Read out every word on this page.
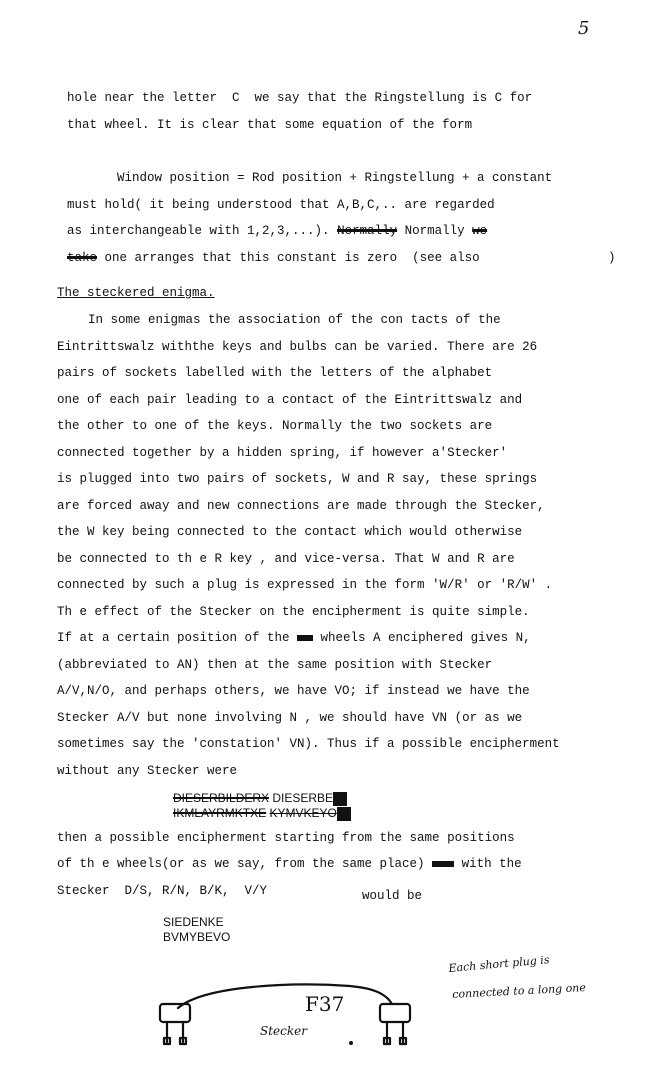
5
hole near the letter  C  we say that the Ringstellung is C for
that wheel. It is clear that some equation of the form
Window position = Rod position + Ringstellung + a constant
must hold( it being understood that A,B,C,.. are regarded
as interchangeable with 1,2,3,...). Normally Normally we
take one arranges that this constant is zero  (see also	)
The steckered enigma.
In some enigmas the association of the con tacts of the
Eintrittswalz withthe keys and bulbs can be varied. There are 26
pairs of sockets labelled with the letters of the alphabet
one of each pair leading to a contact of the Eintrittswalz and
the other to one of the keys. Normally the two sockets are
connected together by a hidden spring, if however a'Stecker'
is plugged into two pairs of sockets, W and R say, these springs
are forced away and new connections are made through the Stecker,
the W key being connected to the contact which would otherwise
be connected to th e R key , and vice-versa. That W and R are
connected by such a plug is expressed in the form 'W/R' or 'R/W' .
Th e effect of the Stecker on the encipherment is quite simple.
If at a certain position of the  wheels A enciphered gives N,
(abbreviated to AN) then at the same position with Stecker
A/V,N/O, and perhaps others, we have VO; if instead we have the
Stecker A/V but none involving N , we should have VN (or as we
sometimes say the 'constation' VN). Thus if a possible encipherment
without any Stecker were
DIESERBILDERX DIESERBE
IKMLAYRMKTXE KYMVKEYO
then a possible encipherment starting from the same positions
of th e wheels(or as we say, from the same place)  with the
Stecker  D/S, R/N, B/K,  V/Y	would be
SIEDENKE
BVMYBEVO
Each short plug is
connected to a long one
F37
Stecker
